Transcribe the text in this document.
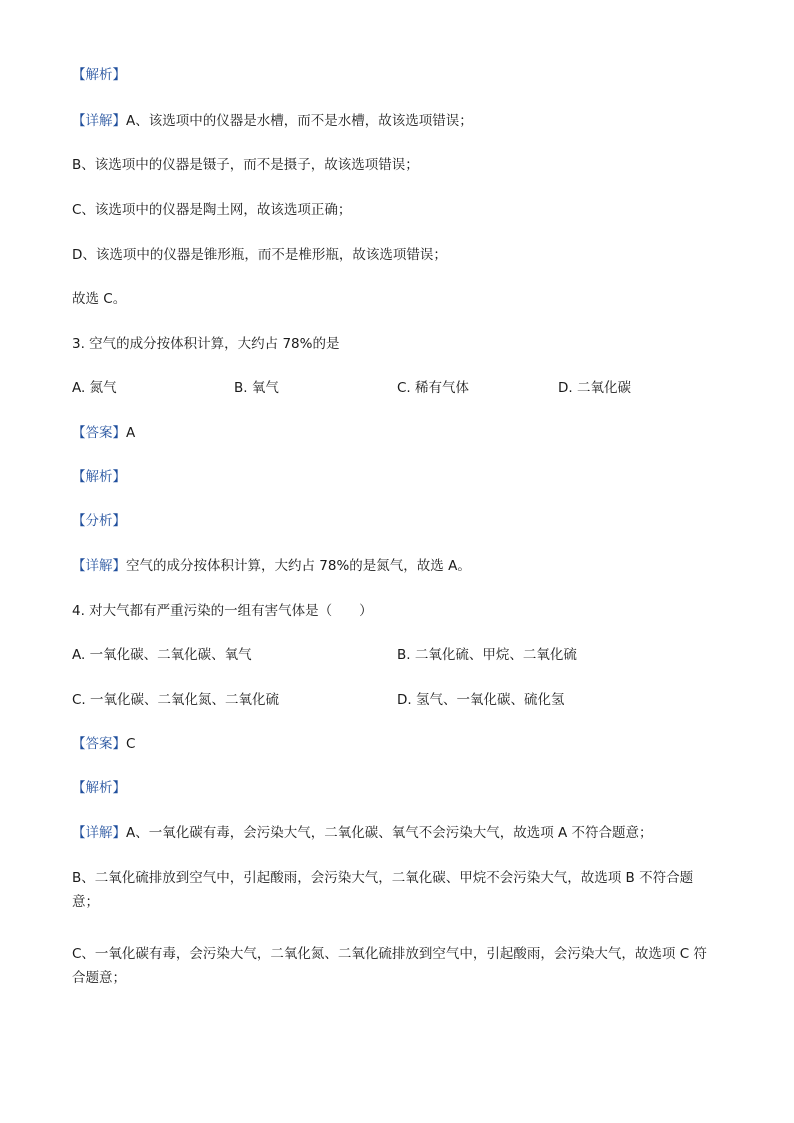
【解析】
【详解】A、该选项中的仪器是水槽，而不是水槽，故该选项错误；
B、该选项中的仪器是镊子，而不是摄子，故该选项错误；
C、该选项中的仪器是陶土网，故该选项正确；
D、该选项中的仪器是锥形瓶，而不是椎形瓶，故该选项错误；
故选 C。
3. 空气的成分按体积计算，大约占 78%的是
A. 氮气	B. 氧气	C. 稀有气体	D. 二氧化碳
【答案】A
【解析】
【分析】
【详解】空气的成分按体积计算，大约占 78%的是氮气，故选 A。
4. 对大气都有严重污染的一组有害气体是（　　）
A. 一氧化碳、二氧化碳、氧气	B. 二氧化硫、甲烷、二氧化硫
C. 一氧化碳、二氧化氮、二氧化硫	D. 氢气、一氧化碳、硫化氢
【答案】C
【解析】
【详解】A、一氧化碳有毒，会污染大气，二氧化碳、氧气不会污染大气，故选项 A 不符合题意；
B、二氧化硫排放到空气中，引起酸雨，会污染大气，二氧化碳、甲烷不会污染大气，故选项 B 不符合题意；
C、一氧化碳有毒，会污染大气，二氧化氮、二氧化硫排放到空气中，引起酸雨，会污染大气，故选项 C 符合题意；
